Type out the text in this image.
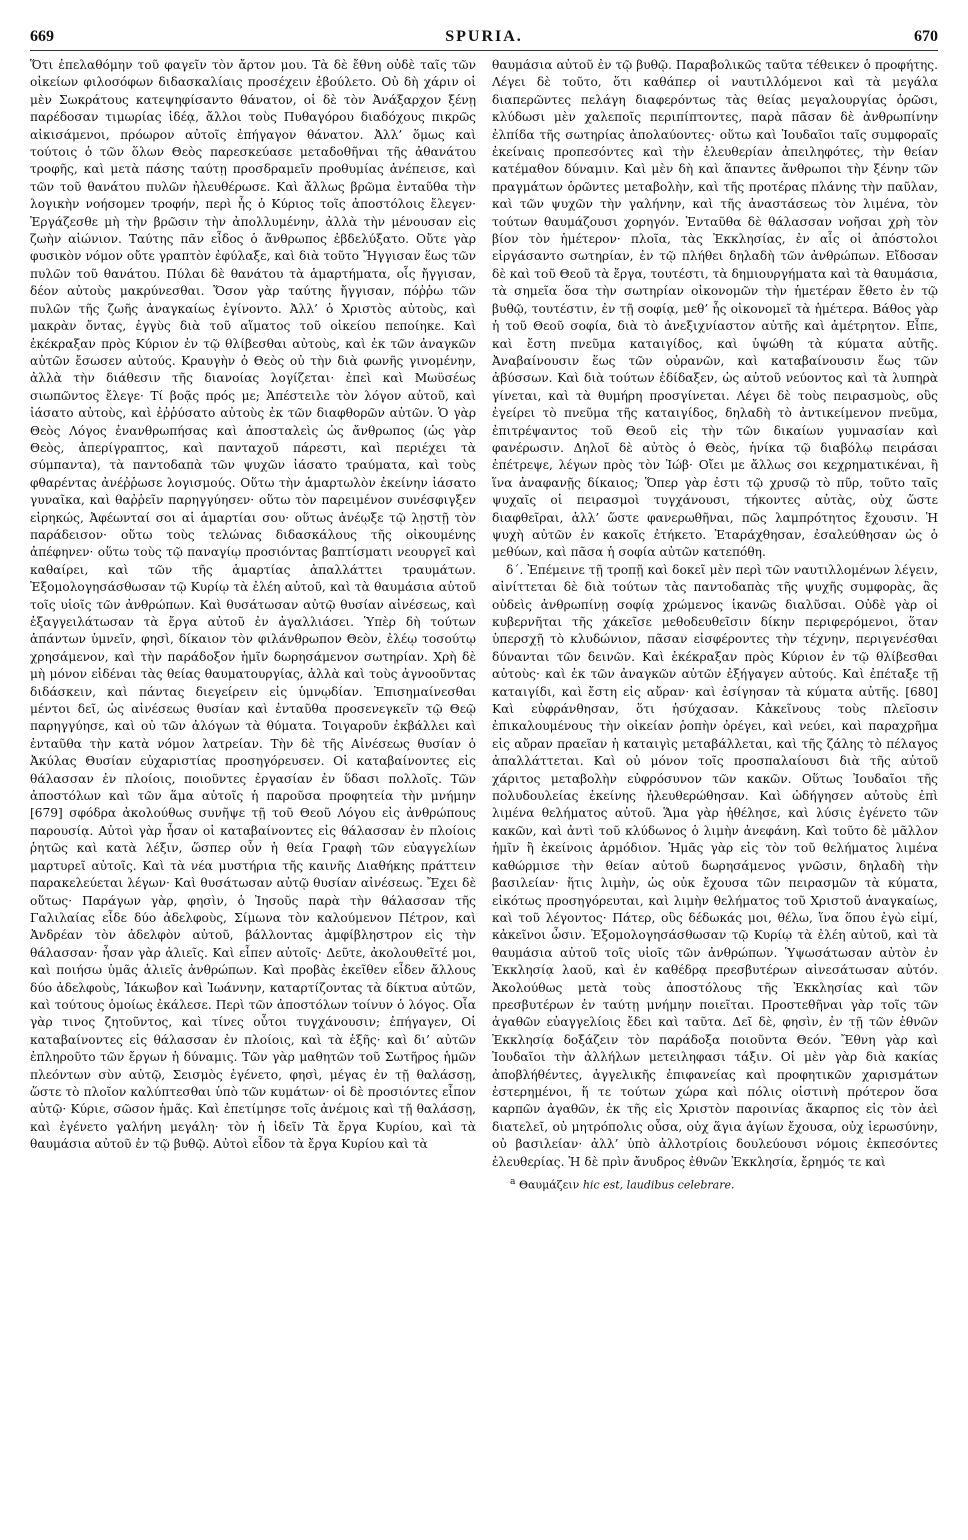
669	SPURIA.	670

Ὅτι ἐπελαθόμην τοῦ φαγεῖν τὸν ἄρτον μου. Τὰ δὲ ἔθνη οὐδὲ ταῖς τῶν οἰκείων φιλοσόφων διδασκαλίαις προσέχειν ἐβούλετο. Οὐ δὴ χάριν οἱ μὲν Σωκράτους κατεψηφίσαντο θάνατον, οἱ δὲ τὸν Ἀνάξαρχον ξένῃ παρέδοσαν τιμωρίας ἰδέᾳ, ἄλλοι τοὺς Πυθαγόρου διαδόχους πικρῶς αἰκισάμενοι, πρόωρον αὐτοῖς ἐπήγαγον θάνατον. Ἀλλ’ ὅμως καὶ τούτοις ὁ τῶν ὅλων Θεὸς παρεσκεύασε μεταδοθῆναι τῆς ἀθανάτου τροφῆς, καὶ μετὰ πάσης ταύτῃ προσδραμεῖν προθυμίας ἀνέπεισε, καὶ τῶν τοῦ θανάτου πυλῶν ἠλευθέρωσε. Καὶ ἄλλως βρῶμα ἐνταῦθα τὴν λογικὴν νοήσομεν τροφήν, περὶ ἧς ὁ Κύριος τοῖς ἀποστόλοις ἔλεγεν· Ἐργάζεσθε μὴ τὴν βρῶσιν τὴν ἀπολλυμένην, ἀλλὰ τὴν μένουσαν εἰς ζωὴν αἰώνιον. Ταύτης πᾶν εἶδος ὁ ἄνθρωπος ἐβδελύξατο. Οὔτε γὰρ φυσικὸν νόμον οὔτε γραπτὸν ἐφύλαξε, καὶ διὰ τοῦτο Ἤγγισαν ἕως τῶν πυλῶν τοῦ θανάτου. Πύλαι δὲ θανάτου τὰ ἁμαρτήματα, οἷς ἤγγισαν, δέον αὐτοὺς μακρύνεσθαι. Ὅσον γὰρ ταύτης ἤγγισαν, πόῤῥω τῶν πυλῶν τῆς ζωῆς ἀναγκαίως ἐγίνοντο. Ἀλλ’ ὁ Χριστὸς αὐτοὺς, καὶ μακρὰν ὄντας, ἐγγὺς διὰ τοῦ αἵματος τοῦ οἰκείου πεποίηκε. Καὶ ἐκέκραξαν πρὸς Κύριον ἐν τῷ θλίβεσθαι αὐτοὺς, καὶ ἐκ τῶν ἀναγκῶν αὐτῶν ἔσωσεν αὐτούς. Κραυγὴν ὁ Θεὸς οὐ τὴν διὰ φωνῆς γινομένην, ἀλλὰ τὴν διάθεσιν τῆς διανοίας λογίζεται· ἐπεὶ καὶ Μωϋσέως σιωπῶντος ἔλεγε· Τί βοᾷς πρός με; Ἀπέστειλε τὸν λόγον αὐτοῦ, καὶ ἰάσατο αὐτοὺς, καὶ ἐῤῥύσατο αὐτοὺς ἐκ τῶν διαφθορῶν αὐτῶν. Ὁ γὰρ Θεὸς Λόγος ἐνανθρωπήσας καὶ ἀποσταλεὶς ὡς ἄνθρωπος (ὡς γὰρ Θεὸς, ἀπερίγραπτος, καὶ πανταχοῦ πάρεστι, καὶ περιέχει τὰ σύμπαντα), τὰ παντοδαπὰ τῶν ψυχῶν ἰάσατο τραύματα, καὶ τοὺς φθαρέντας ἀνέῤῥωσε λογισμούς. Οὕτω τὴν ἁμαρτωλὸν ἐκείνην ἰάσατο γυναῖκα, καὶ θαῤῥεῖν παρηγγύησεν· οὕτω τὸν παρειμένον συνέσφιγξεν εἰρηκώς, Ἀφέωνταί σοι αἱ ἁμαρτίαι σου· οὕτως ἀνέῳξε τῷ λῃστῇ τὸν παράδεισον· οὕτω τοὺς τελώνας διδασκάλους τῆς οἰκουμένης ἀπέφηνεν· οὕτω τοὺς τῷ παναγίῳ προσιόντας βαπτίσματι νεουργεῖ καὶ καθαίρει, καὶ τῶν τῆς ἁμαρτίας ἀπαλλάττει τραυμάτων. Ἐξομολογησάσθωσαν τῷ Κυρίῳ τὰ ἐλέη αὐτοῦ, καὶ τὰ θαυμάσια αὐτοῦ τοῖς υἱοῖς τῶν ἀνθρώπων. Καὶ θυσάτωσαν αὐτῷ θυσίαν αἰνέσεως, καὶ ἐξαγγειλάτωσαν τὰ ἔργα αὐτοῦ ἐν ἀγαλλιάσει. Ὑπὲρ δὴ τούτων ἁπάντων ὑμνεῖν, φησὶ, δίκαιον τὸν φιλάνθρωπον Θεὸν, ἐλέῳ τοσούτῳ χρησάμενον, καὶ τὴν παράδοξον ἡμῖν δωρησάμενον σωτηρίαν. Χρὴ δὲ μὴ μόνον εἰδέναι τὰς θείας θαυματουργίας, ἀλλὰ καὶ τοὺς ἀγνοοῦντας διδάσκειν, καὶ πάντας διεγείρειν εἰς ὑμνῳδίαν. Ἐπισημαίνεσθαι μέντοι δεῖ, ὡς αἰνέσεως θυσίαν καὶ ἐνταῦθα προσενεγκεῖν τῷ Θεῷ παρηγγύησε, καὶ οὐ τῶν ἀλόγων τὰ θύματα. Τοιγαροῦν ἐκβάλλει καὶ ἐνταῦθα τὴν κατὰ νόμον λατρείαν. Τὴν δὲ τῆς Αἰνέσεως θυσίαν ὁ Ἀκύλας Θυσίαν εὐχαριστίας προσηγόρευσεν. Οἱ καταβαίνοντες εἰς θάλασσαν ἐν πλοίοις, ποιοῦντες ἐργασίαν ἐν ὕδασι πολλοῖς. Τῶν ἀποστόλων καὶ τῶν ἅμα αὐτοῖς ἡ παροῦσα προφητεία τὴν μνήμην [679] σφόδρα ἀκολούθως συνῆψε τῇ τοῦ Θεοῦ Λόγου εἰς ἀνθρώπους παρουσίᾳ. Αὐτοὶ γὰρ ἦσαν οἱ καταβαίνοντες εἰς θάλασσαν ἐν πλοίοις ῥητῶς καὶ κατὰ λέξιν, ὥσπερ οὖν ἡ θεία Γραφὴ τῶν εὐαγγελίων μαρτυρεῖ αὐτοῖς. Καὶ τὰ νέα μυστήρια τῆς καινῆς Διαθήκης πράττειν παρακελεύεται λέγων· Καὶ θυσάτωσαν αὐτῷ θυσίαν αἰνέσεως. Ἔχει δὲ οὕτως· Παράγων γὰρ, φησὶν, ὁ Ἰησοῦς παρὰ τὴν θάλασσαν τῆς Γαλιλαίας εἶδε δύο ἀδελφοὺς, Σίμωνα τὸν καλούμενον Πέτρον, καὶ Ἀνδρέαν τὸν ἀδελφὸν αὐτοῦ, βάλλοντας ἀμφίβληστρον εἰς τὴν θάλασσαν· ἦσαν γὰρ ἁλιεῖς. Καὶ εἶπεν αὐτοῖς· Δεῦτε, ἀκολουθεῖτέ μοι, καὶ ποιήσω ὑμᾶς ἁλιεῖς ἀνθρώπων. Καὶ προβὰς ἐκεῖθεν εἶδεν ἄλλους δύο ἀδελφοὺς, Ἰάκωβον καὶ Ἰωάννην, καταρτίζοντας τὰ δίκτυα αὐτῶν, καὶ τούτους ὁμοίως ἐκάλεσε. Περὶ τῶν ἀποστόλων τοίνυν ὁ λόγος. Οἷα γὰρ τινος ζητοῦντος, καὶ τίνες οὗτοι τυγχάνουσιν; ἐπήγαγεν, Οἱ καταβαίνοντες εἰς θάλασσαν ἐν πλοίοις, καὶ τὰ ἑξῆς· καὶ δι’ αὐτῶν ἐπληροῦτο τῶν ἔργων ἡ δύναμις. Τῶν γὰρ μαθητῶν τοῦ Σωτῆρος ἡμῶν πλεόντων σὺν αὐτῷ, Σεισμὸς ἐγένετο, φησὶ, μέγας ἐν τῇ θαλάσσῃ, ὥστε τὸ πλοῖον καλύπτεσθαι ὑπὸ τῶν κυμάτων· οἱ δὲ προσιόντες εἶπον αὐτῷ· Κύριε, σῶσον ἡμᾶς. Καὶ ἐπετίμησε τοῖς ἀνέμοις καὶ τῇ θαλάσσῃ, καὶ ἐγένετο γαλήνη μεγάλη· τὸν ἡ ἰδεῖν Τὰ ἔργα Κυρίου, καὶ τὰ θαυμάσια αὐτοῦ ἐν τῷ βυθῷ. Αὐτοὶ εἶδον τὰ ἔργα Κυρίου καὶ τὰ

θαυμάσια αὐτοῦ ἐν τῷ βυθῷ. Παραβολικῶς ταῦτα τέθεικεν ὁ προφήτης. Λέγει δὲ τοῦτο, ὅτι καθάπερ οἱ ναυτιλλόμενοι καὶ τὰ μεγάλα διαπερῶντες πελάγη διαφερόντως τὰς θείας μεγαλουργίας ὁρῶσι, κλύδωσι μὲν χαλεποῖς περιπίπτοντες, παρὰ πᾶσαν δὲ ἀνθρωπίνην ἐλπίδα τῆς σωτηρίας ἀπολαύοντες· οὕτω καὶ Ἰουδαῖοι ταῖς συμφοραῖς ἐκείναις προπεσόντες καὶ τὴν ἐλευθερίαν ἀπειληφότες, τὴν θείαν κατέμαθον δύναμιν. Καὶ μὲν δὴ καὶ ἅπαντες ἄνθρωποι τὴν ξένην τῶν πραγμάτων ὁρῶντες μεταβολὴν, καὶ τῆς προτέρας πλάνης τὴν παῦλαν, καὶ τῶν ψυχῶν τὴν γαλήνην, καὶ τῆς ἀναστάσεως τὸν λιμένα, τὸν τούτων θαυμάζουσι χορηγόν. Ἐνταῦθα δὲ θάλασσαν νοῆσαι χρὴ τὸν βίον τὸν ἡμέτερον· πλοῖα, τὰς Ἐκκλησίας, ἐν αἷς οἱ ἀπόστολοι εἰργάσαντο σωτηρίαν, ἐν τῷ πλήθει δηλαδὴ τῶν ἀνθρώπων. Εἴδοσαν δὲ καὶ τοῦ Θεοῦ τὰ ἔργα, τουτέστι, τὰ δημιουργήματα καὶ τὰ θαυμάσια, τὰ σημεῖα ὅσα τὴν σωτηρίαν οἰκονομῶν τὴν ἡμετέραν ἔθετο ἐν τῷ βυθῷ, τουτέστιν, ἐν τῇ σοφίᾳ, μεθ’ ἧς οἰκονομεῖ τὰ ἡμέτερα. Βάθος γὰρ ἡ τοῦ Θεοῦ σοφία, διὰ τὸ ἀνεξιχνίαστον αὐτῆς καὶ ἀμέτρητον. Εἶπε, καὶ ἔστη πνεῦμα καταιγίδος, καὶ ὑψώθη τὰ κύματα αὐτῆς. Ἀναβαίνουσιν ἕως τῶν οὐρανῶν, καὶ καταβαίνουσιν ἕως τῶν ἀβύσσων. Καὶ διὰ τούτων ἐδίδαξεν, ὡς αὐτοῦ νεύοντος καὶ τὰ λυπηρὰ γίνεται, καὶ τὰ θυμήρη προσγίνεται. Λέγει δὲ τοὺς πειρασμοὺς, οὓς ἐγείρει τὸ πνεῦμα τῆς καταιγίδος, δηλαδὴ τὸ ἀντικείμενον πνεῦμα, ἐπιτρέψαντος τοῦ Θεοῦ εἰς τὴν τῶν δικαίων γυμνασίαν καὶ φανέρωσιν. Δηλοῖ δὲ αὐτὸς ὁ Θεὸς, ἡνίκα τῷ διαβόλῳ πειράσαι ἐπέτρεψε, λέγων πρὸς τὸν Ἰώβ· Οἴει με ἄλλως σοι κεχρηματικέναι, ἢ ἵνα ἀναφανῇς δίκαιος; Ὅπερ γὰρ ἐστι τῷ χρυσῷ τὸ πῦρ, τοῦτο ταῖς ψυχαῖς οἱ πειρασμοὶ τυγχάνουσι, τήκοντες αὐτὰς, οὐχ ὥστε διαφθεῖραι, ἀλλ’ ὥστε φανερωθῆναι, πῶς λαμπρότητος ἔχουσιν. Ἡ ψυχὴ αὐτῶν ἐν κακοῖς ἐτήκετο. Ἐταράχθησαν, ἐσαλεύθησαν ὡς ὁ μεθύων, καὶ πᾶσα ἡ σοφία αὐτῶν κατεπόθη.

δ΄. Ἐπέμεινε τῇ τροπῇ καὶ δοκεῖ μὲν περὶ τῶν ναυτιλλομένων λέγειν, αἰνίττεται δὲ διὰ τούτων τὰς παντοδαπὰς τῆς ψυχῆς συμφορὰς, ἃς οὐδεὶς ἀνθρωπίνῃ σοφίᾳ χρώμενος ἱκανῶς διαλῦσαι. Οὐδὲ γὰρ οἱ κυβερνῆται τῆς χάκεῖσε μεθοδευθεῖσιν δίκην περιφερόμενοι, ὅταν ὑπερσχῇ τὸ κλυδώνιον, πᾶσαν εἰσφέροντες τὴν τέχνην, περιγενέσθαι δύνανται τῶν δεινῶν. Καὶ ἐκέκραξαν πρὸς Κύριον ἐν τῷ θλίβεσθαι αὐτοὺς· καὶ ἐκ τῶν ἀναγκῶν αὐτῶν ἐξήγαγεν αὐτούς. Καὶ ἐπέταξε τῇ καταιγίδι, καὶ ἔστη εἰς αὔραν· καὶ ἐσίγησαν τὰ κύματα αὐτῆς. [680] Καὶ εὐφράνθησαν, ὅτι ἡσύχασαν. Κἀκεῖνους τοὺς πλεῖοσιν ἐπικαλουμένους τὴν οἰκείαν ῥοπὴν ὀρέγει, καὶ νεύει, καὶ παραχρῆμα εἰς αὔραν πραεῖαν ἡ καταιγὶς μεταβάλλεται, καὶ τῆς ζάλης τὸ πέλαγος ἀπαλλάττεται. Καὶ οὐ μόνον τοῖς προσπαλαίουσι διὰ τῆς αὐτοῦ χάριτος μεταβολὴν εὐφρόσυνον τῶν κακῶν. Οὕτως Ἰουδαῖοι τῆς πολυδουλείας ἐκείνης ἠλευθερώθησαν. Καὶ ὡδήγησεν αὐτοὺς ἐπὶ λιμένα θελήματος αὐτοῦ. Ἅμα γὰρ ἠθέλησε, καὶ λύσις ἐγένετο τῶν κακῶν, καὶ ἀντὶ τοῦ κλύδωνος ὁ λιμὴν ἀνεφάνη. Καὶ τοῦτο δὲ μᾶλλον ἡμῖν ἢ ἐκείνοις ἁρμόδιον. Ἡμᾶς γὰρ εἰς τὸν τοῦ θελήματος λιμένα καθώρμισε τὴν θείαν αὐτοῦ δωρησάμενος γνῶσιν, δηλαδὴ τὴν βασιλείαν· ἥτις λιμὴν, ὡς οὐκ ἔχουσα τῶν πειρασμῶν τὰ κύματα, εἰκότως προσηγόρευται, καὶ λιμὴν θελήματος τοῦ Χριστοῦ ἀναγκαίως, καὶ τοῦ λέγοντος· Πάτερ, οὓς δέδωκάς μοι, θέλω, ἵνα ὅπου ἐγὼ εἰμί, κἀκεῖνοι ὦσιν. Ἐξομολογησάσθωσαν τῷ Κυρίῳ τὰ ἐλέη αὐτοῦ, καὶ τὰ θαυμάσια αὐτοῦ τοῖς υἱοῖς τῶν ἀνθρώπων. Ὑψωσάτωσαν αὐτὸν ἐν Ἐκκλησίᾳ λαοῦ, καὶ ἐν καθέδρᾳ πρεσβυτέρων αἰνεσάτωσαν αὐτόν. Ἀκολούθως μετὰ τοὺς ἀποστόλους τῆς Ἐκκλησίας καὶ τῶν πρεσβυτέρων ἐν ταύτῃ μνήμην ποιεῖται. Προστεθῆναι γὰρ τοῖς τῶν ἀγαθῶν εὐαγγελίοις ἔδει καὶ ταῦτα. Δεῖ δὲ, φησὶν, ἐν τῇ τῶν ἐθνῶν Ἐκκλησίᾳ δοξάζειν τὸν παράδοξα ποιοῦντα Θεόν. Ἔθνη γὰρ καὶ Ἰουδαῖοι τὴν ἀλλήλων μετειληφασι τάξιν. Οἱ μὲν γὰρ διὰ κακίας ἀποβλήθέντες, ἀγγελικῆς ἐπιφανείας καὶ προφητικῶν χαρισμάτων ἐστερημένοι, ἥ τε τούτων χώρα καὶ πόλις οἱστινὴ πρότερον ὅσα καρπῶν ἀγαθῶν, ἐκ τῆς εἰς Χριστὸν παροινίας ἄκαρπος εἰς τὸν ἀεὶ διατελεῖ, οὐ μητρόπολις οὖσα, οὐχ ἅγια ἁγίων ἔχουσα, οὐχ ἱερωσύνην, οὐ βασιλείαν· ἀλλ’ ὑπὸ ἀλλοτρίοις δουλεύουσι νόμοις ἐκπεσόντες ἐλευθερίας. Ἡ δὲ πρὶν ἄνυδρος ἐθνῶν Ἐκκλησία, ἔρημός τε καὶ

$^a$ Θαυμάζειν hic est, laudibus celebrare.
